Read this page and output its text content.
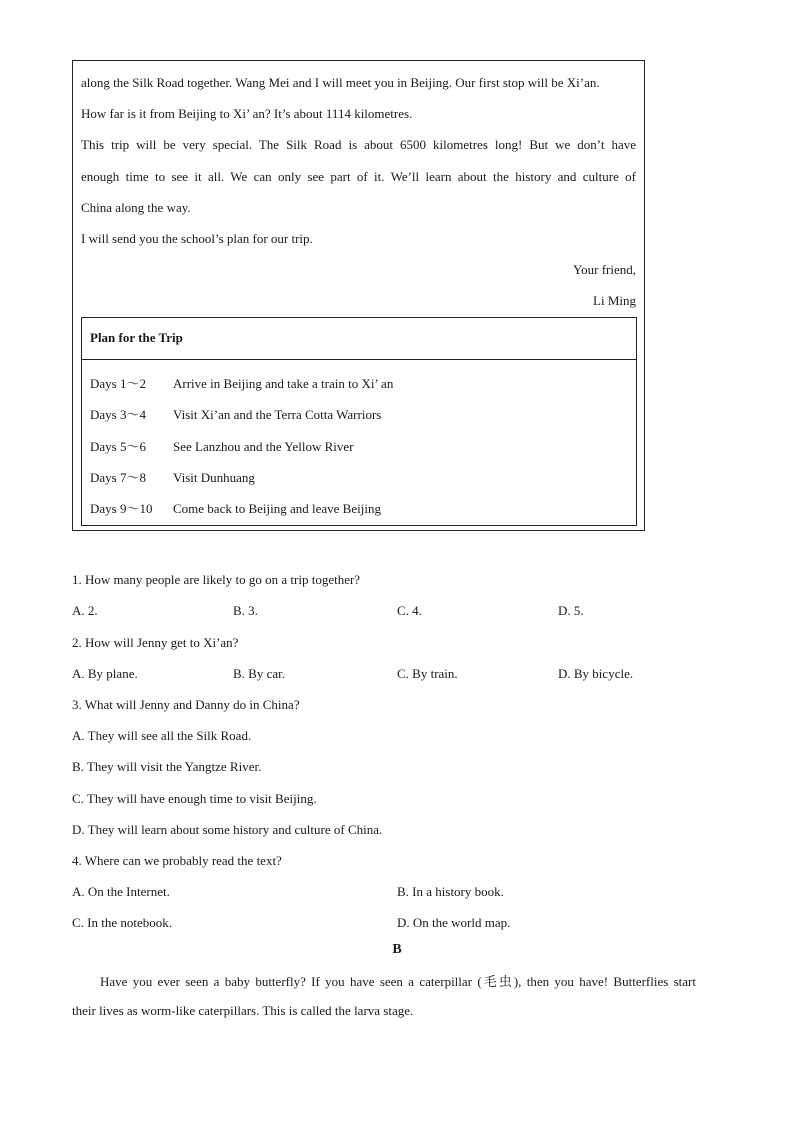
along the Silk Road together. Wang Mei and I will meet you in Beijing. Our first stop will be Xi’an.
How far is it from Beijing to Xi’ an? It’s about 1114 kilometres.
This trip will be very special. The Silk Road is about 6500 kilometres long! But we don’t have
enough time to see it all. We can only see part of it. We’ll learn about the history and culture of
China along the way.
I will send you the school’s plan for our trip.
Your friend,
Li Ming
Plan for the Trip
Days 1～2 Arrive in Beijing and take a train to Xi’ an
Days 3～4 Visit Xi’an and the Terra Cotta Warriors
Days 5～6 See Lanzhou and the Yellow River
Days 7～8 Visit Dunhuang
Days 9～10 Come back to Beijing and leave Beijing
1. How many people are likely to go on a trip together?
A. 2.	B. 3.	C. 4.	D. 5.
2. How will Jenny get to Xi’an?
A. By plane.	B. By car.	C. By train.	D. By bicycle.
3. What will Jenny and Danny do in China?
A. They will see all the Silk Road.
B. They will visit the Yangtze River.
C. They will have enough time to visit Beijing.
D. They will learn about some history and culture of China.
4. Where can we probably read the text?
A. On the Internet.	B. In a history book.
C. In the notebook.	D. On the world map.
B
Have you ever seen a baby butterfly? If you have seen a caterpillar (毛虫), then you have! Butterflies start
their lives as worm-like caterpillars. This is called the larva stage.
